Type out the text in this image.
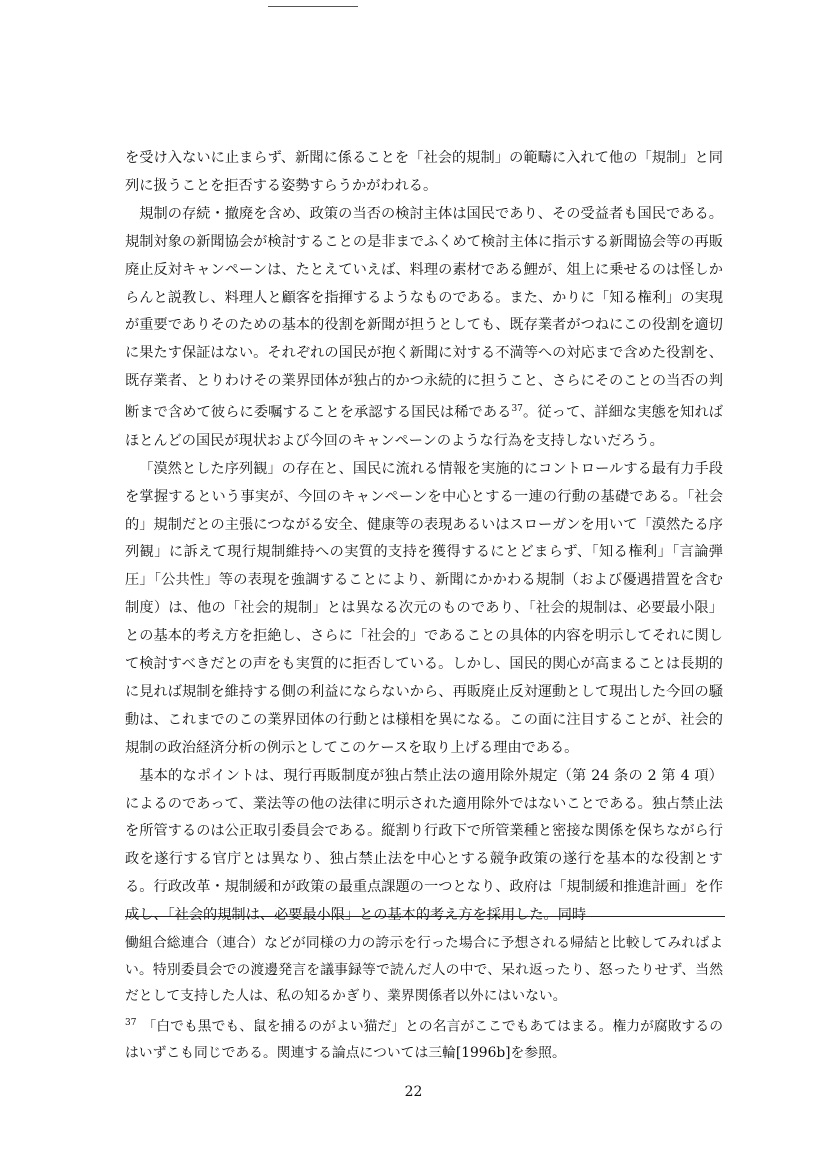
を受け入ないに止まらず、新聞に係ることを「社会的規制」の範疇に入れて他の「規制」と同列に扱うことを拒否する姿勢すらうかがわれる。

規制の存続・撤廃を含め、政策の当否の検討主体は国民であり、その受益者も国民である。規制対象の新聞協会が検討することの是非までふくめて検討主体に指示する新聞協会等の再販廃止反対キャンペーンは、たとえていえば、料理の素材である鯉が、俎上に乗せるのは怪しからんと説教し、料理人と顧客を指揮するようなものである。また、かりに「知る権利」の実現が重要でありそのための基本的役割を新聞が担うとしても、既存業者がつねにこの役割を適切に果たす保証はない。それぞれの国民が抱く新聞に対する不満等への対応まで含めた役割を、既存業者、とりわけその業界団体が独占的かつ永続的に担うこと、さらにそのことの当否の判断まで含めて彼らに委嘱することを承認する国民は稀である$^{37}$。従って、詳細な実態を知ればほとんどの国民が現状および今回のキャンペーンのような行為を支持しないだろう。

「漠然とした序列観」の存在と、国民に流れる情報を実施的にコントロールする最有力手段を掌握するという事実が、今回のキャンペーンを中心とする一連の行動の基礎である。「社会的」規制だとの主張につながる安全、健康等の表現あるいはスローガンを用いて「漠然たる序列観」に訴えて現行規制維持への実質的支持を獲得するにとどまらず、「知る権利」「言論弾圧」「公共性」等の表現を強調することにより、新聞にかかわる規制（および優遇措置を含む制度）は、他の「社会的規制」とは異なる次元のものであり、「社会的規制は、必要最小限」との基本的考え方を拒絶し、さらに「社会的」であることの具体的内容を明示してそれに関して検討すべきだとの声をも実質的に拒否している。しかし、国民的関心が高まることは長期的に見れば規制を維持する側の利益にならないから、再販廃止反対運動として現出した今回の騒動は、これまでのこの業界団体の行動とは様相を異になる。この面に注目することが、社会的規制の政治経済分析の例示としてこのケースを取り上げる理由である。

基本的なポイントは、現行再販制度が独占禁止法の適用除外規定（第 24 条の 2 第 4 項）によるのであって、業法等の他の法律に明示された適用除外ではないことである。独占禁止法を所管するのは公正取引委員会である。縦割り行政下で所管業種と密接な関係を保ちながら行政を遂行する官庁とは異なり、独占禁止法を中心とする競争政策の遂行を基本的な役割とする。行政改革・規制緩和が政策の最重点課題の一つとなり、政府は「規制緩和推進計画」を作成し、「社会的規制は、必要最小限」との基本的考え方を採用した。同時

働組合総連合（連合）などが同様の力の誇示を行った場合に予想される帰結と比較してみればよい。特別委員会での渡邊発言を議事録等で読んだ人の中で、呆れ返ったり、怒ったりせず、当然だとして支持した人は、私の知るかぎり、業界関係者以外にはいない。

$^{37}$ 「白でも黒でも、鼠を捕るのがよい猫だ」との名言がここでもあてはまる。権力が腐敗するのはいずこも同じである。関連する論点については三輪[1996b]を参照。

22
